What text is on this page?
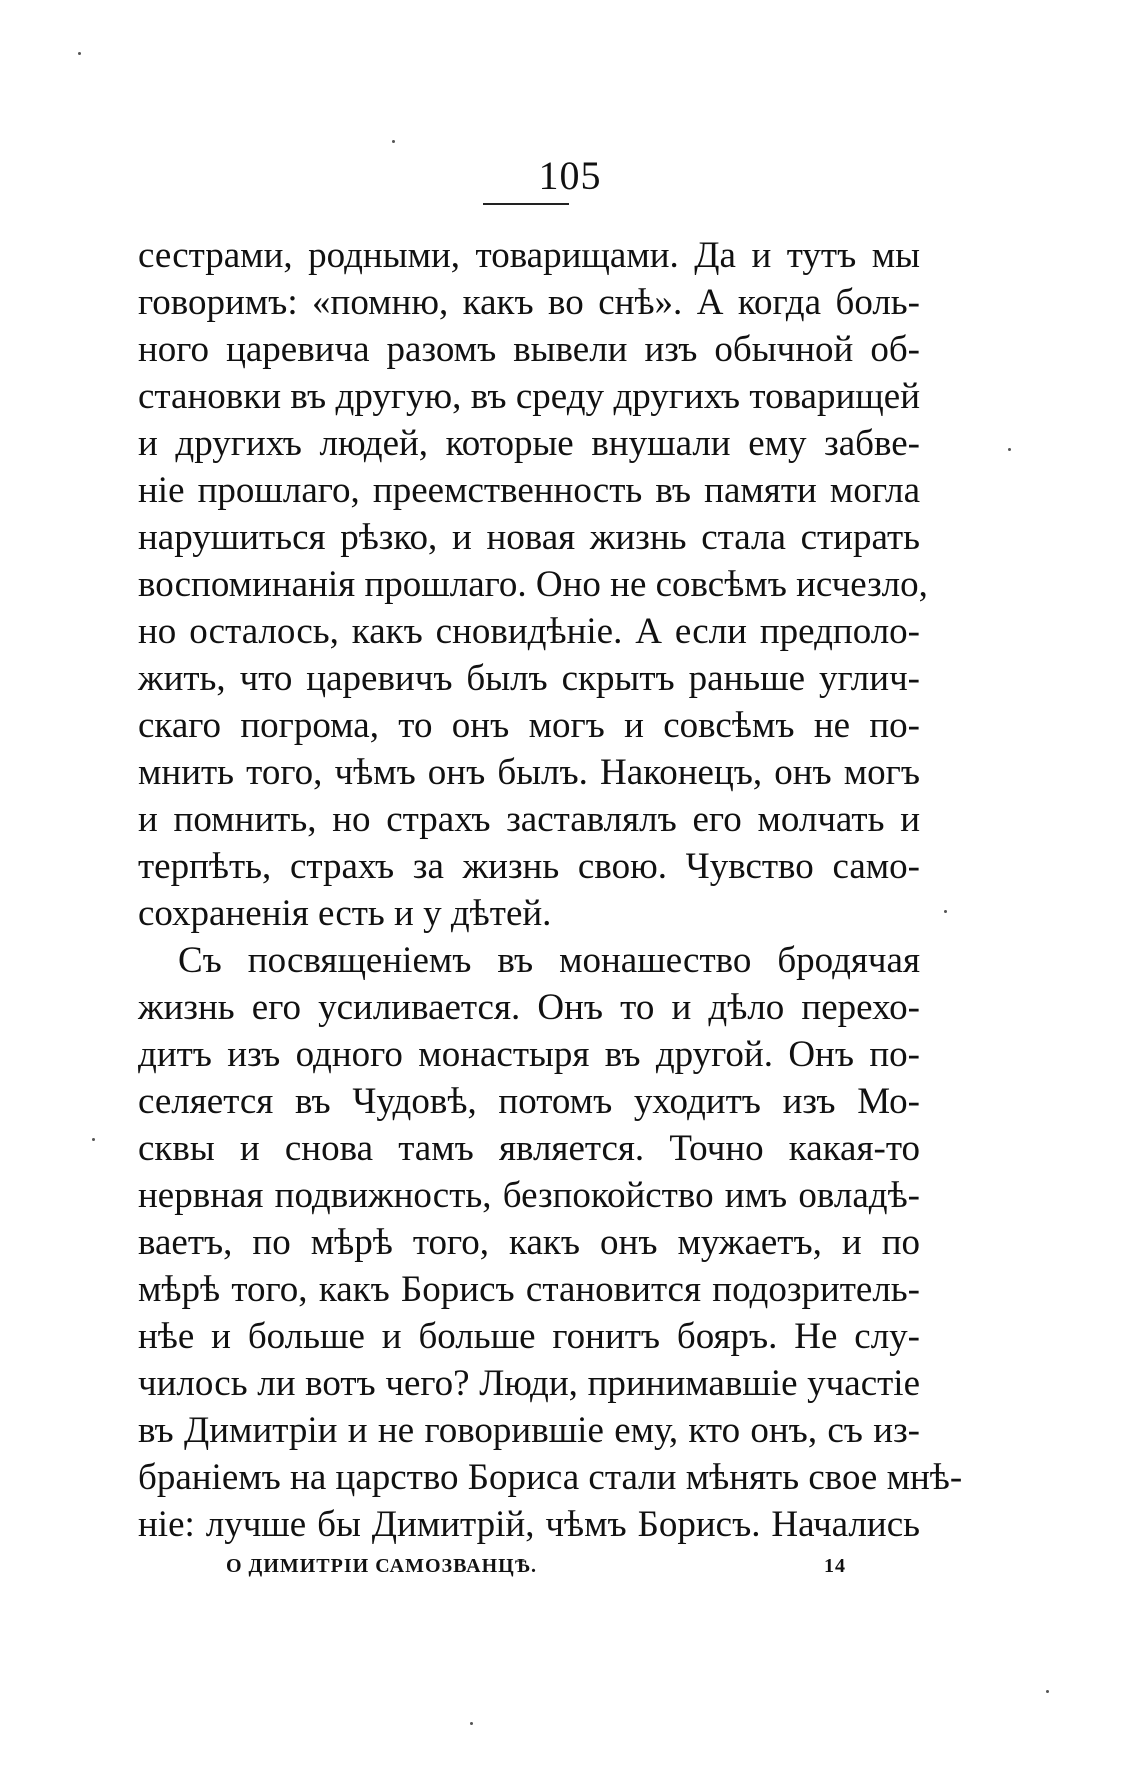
105
сестрами, родными, товарищами. Да и тутъ мы
говоримъ: «помню, какъ во снѣ». А когда боль-
ного царевича разомъ вывели изъ обычной об-
становки въ другую, въ среду другихъ товарищей
и другихъ людей, которые внушали ему забве-
ніе прошлаго, преемственность въ памяти могла
нарушиться рѣзко, и новая жизнь стала стирать
воспоминанія прошлаго. Оно не совсѣмъ исчезло,
но осталось, какъ сновидѣніе. А если предполо-
жить, что царевичъ былъ скрытъ раньше углич-
скаго погрома, то онъ могъ и совсѣмъ не по-
мнить того, чѣмъ онъ былъ. Наконецъ, онъ могъ
и помнить, но страхъ заставлялъ его молчать и
терпѣть, страхъ за жизнь свою. Чувство само-
сохраненія есть и у дѣтей.
Съ посвященіемъ въ монашество бродячая
жизнь его усиливается. Онъ то и дѣло перехо-
дитъ изъ одного монастыря въ другой. Онъ по-
селяется въ Чудовѣ, потомъ уходитъ изъ Мо-
сквы и снова тамъ является. Точно какая-то
нервная подвижность, безпокойство имъ овладѣ-
ваетъ, по мѣрѣ того, какъ онъ мужаетъ, и по
мѣрѣ того, какъ Борисъ становится подозритель-
нѣе и больше и больше гонитъ бояръ. Не слу-
чилось ли вотъ чего? Люди, принимавшіе участіе
въ Димитріи и не говорившіе ему, кто онъ, съ из-
браніемъ на царство Бориса стали мѣнять свое мнѣ-
ніе: лучше бы Димитрій, чѣмъ Борисъ. Начались
О ДИМИТРІИ САМОЗВАНЦѢ.	14
